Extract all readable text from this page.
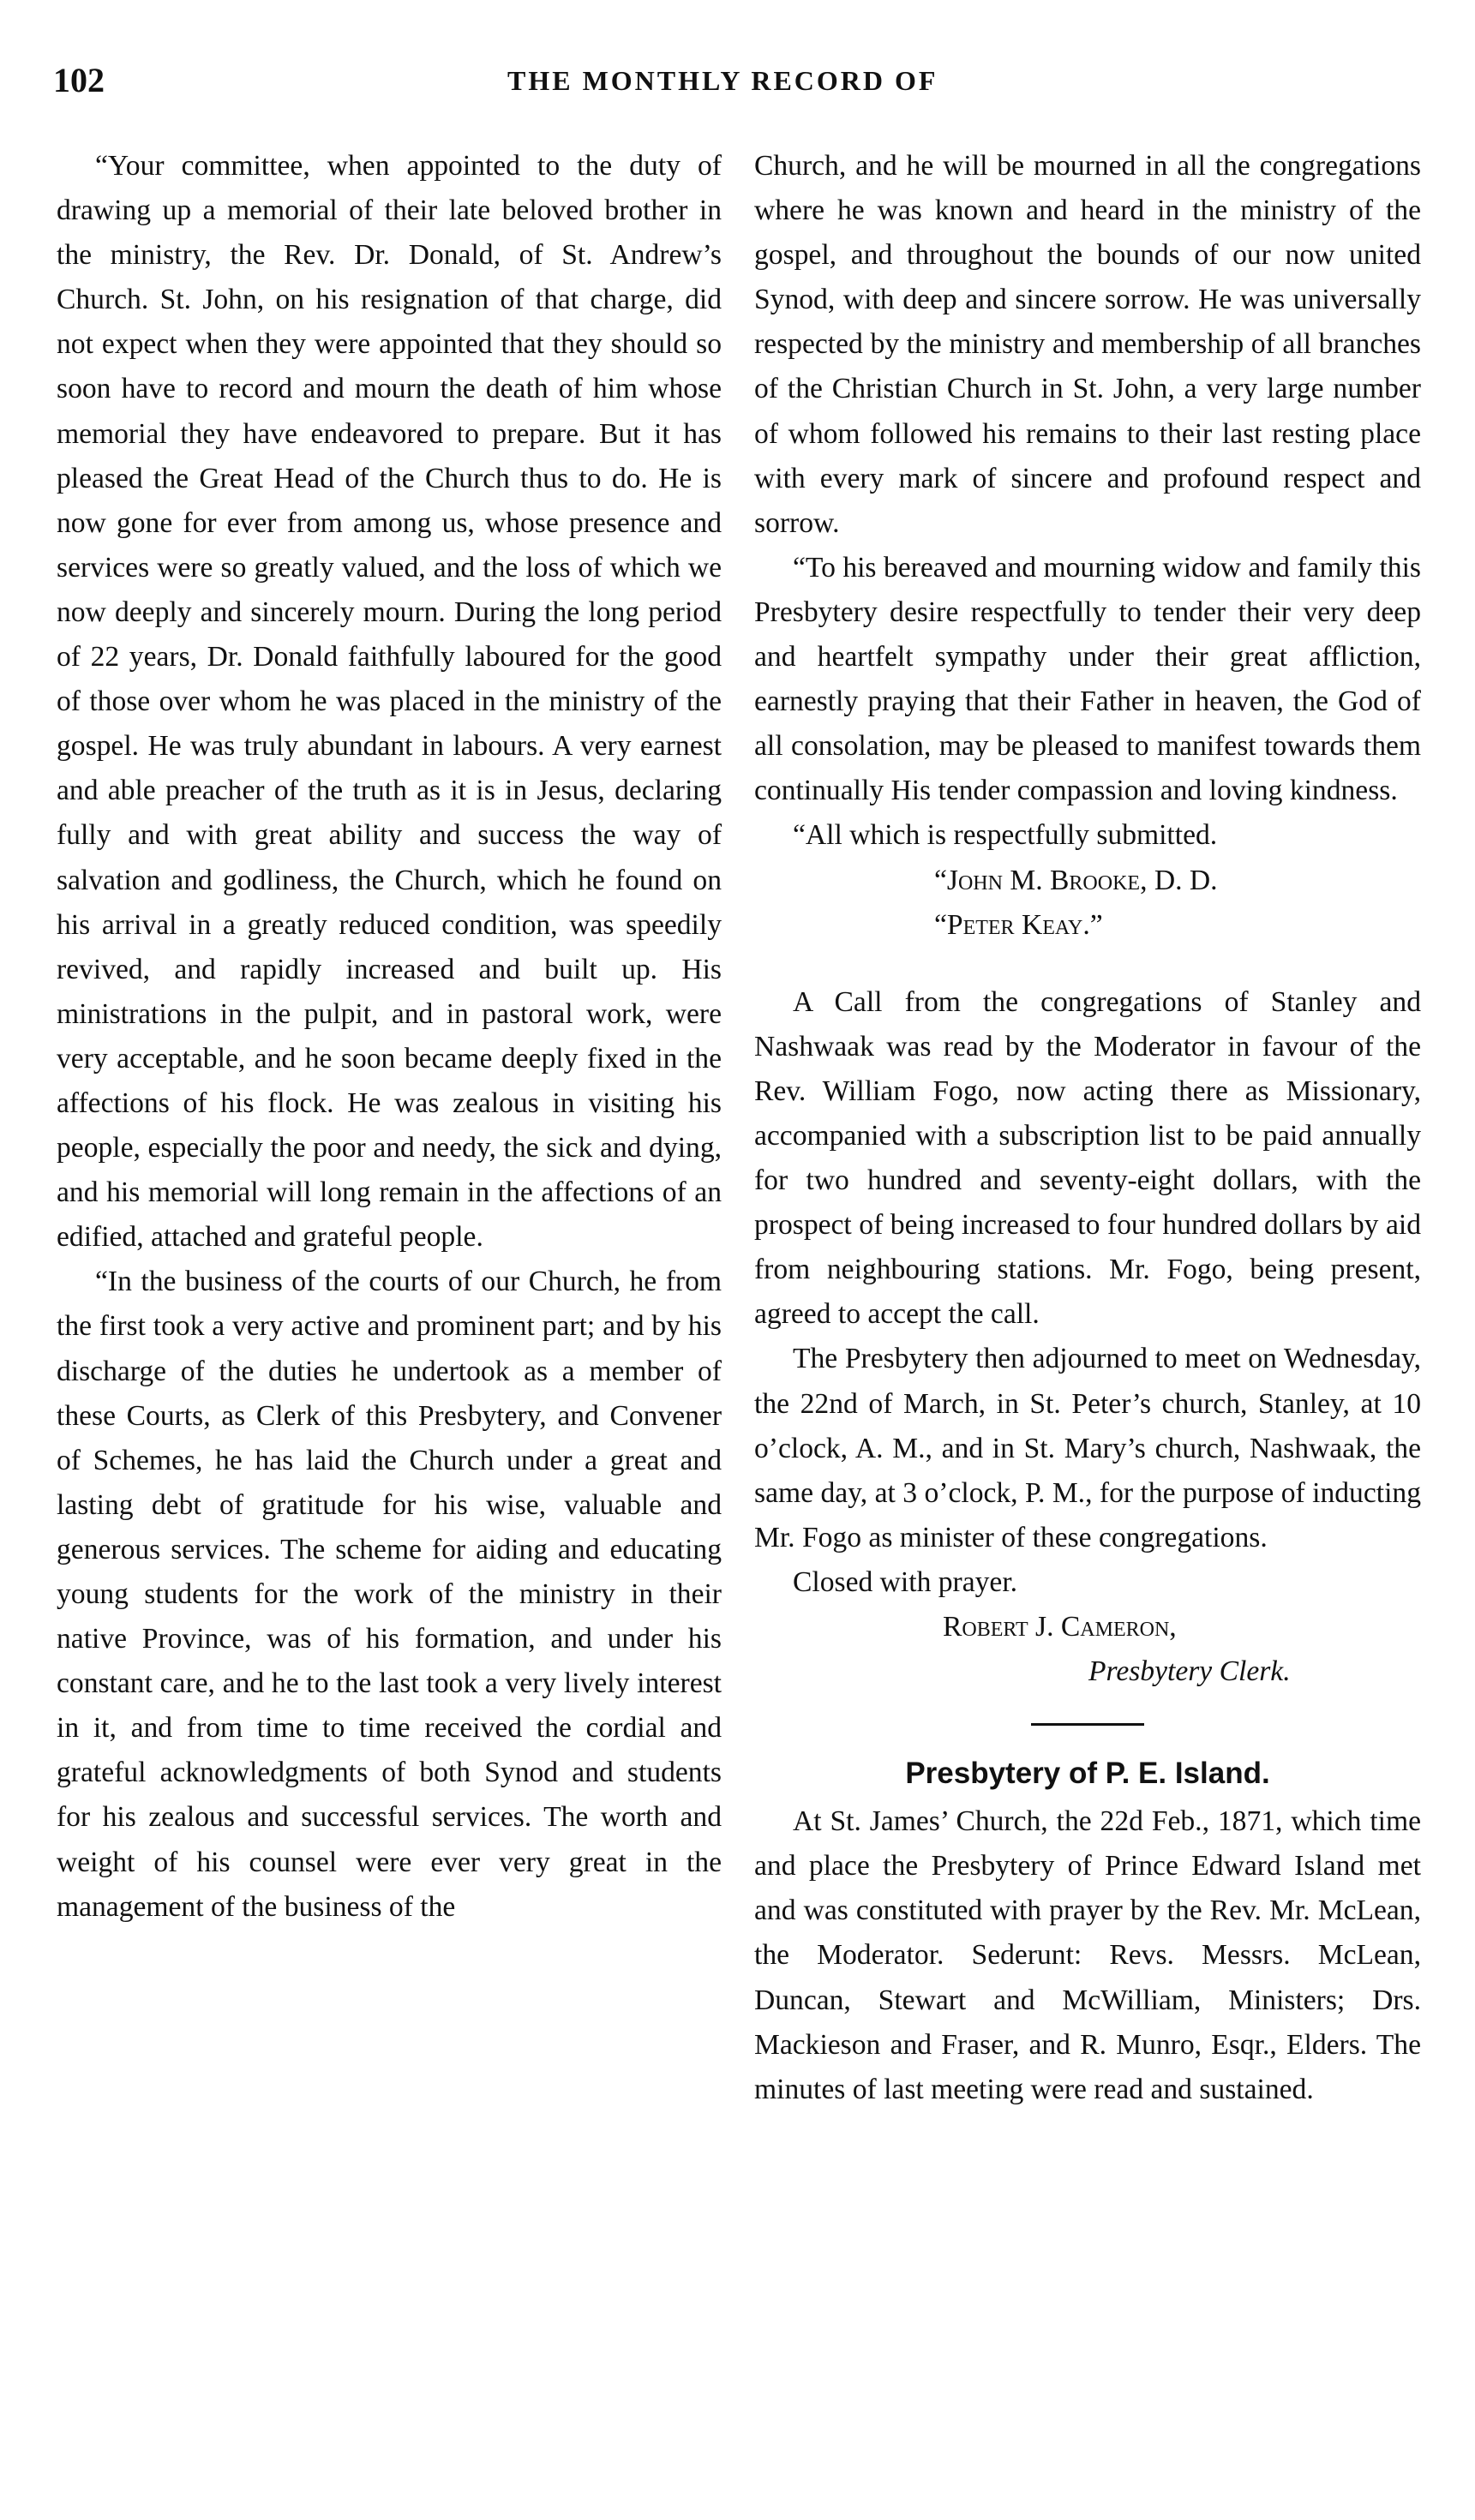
102	THE MONTHLY RECORD OF

“Your committee, when appointed to the duty of drawing up a memorial of their late beloved brother in the ministry, the Rev. Dr. Donald, of St. Andrew’s Church. St. John, on his resignation of that charge, did not expect when they were appointed that they should so soon have to record and mourn the death of him whose memorial they have endeavored to prepare. But it has pleased the Great Head of the Church thus to do. He is now gone for ever from among us, whose presence and services were so greatly valued, and the loss of which we now deeply and sincerely mourn. During the long period of 22 years, Dr. Donald faithfully laboured for the good of those over whom he was placed in the ministry of the gospel. He was truly abundant in labours. A very earnest and able preacher of the truth as it is in Jesus, declaring fully and with great ability and success the way of salvation and godliness, the Church, which he found on his arrival in a greatly reduced condition, was speedily revived, and rapidly increased and built up. His ministrations in the pulpit, and in pastoral work, were very acceptable, and he soon became deeply fixed in the affections of his flock. He was zealous in visiting his people, especially the poor and needy, the sick and dying, and his memorial will long remain in the affections of an edified, attached and grateful people.

“In the business of the courts of our Church, he from the first took a very active and prominent part; and by his discharge of the duties he undertook as a member of these Courts, as Clerk of this Presbytery, and Convener of Schemes, he has laid the Church under a great and lasting debt of gratitude for his wise, valuable and generous services. The scheme for aiding and educating young students for the work of the ministry in their native Province, was of his formation, and under his constant care, and he to the last took a very lively interest in it, and from time to time received the cordial and grateful acknowledgments of both Synod and students for his zealous and successful services. The worth and weight of his counsel were ever very great in the management of the business of the

Church, and he will be mourned in all the congregations where he was known and heard in the ministry of the gospel, and throughout the bounds of our now united Synod, with deep and sincere sorrow. He was universally respected by the ministry and membership of all branches of the Christian Church in St. John, a very large number of whom followed his remains to their last resting place with every mark of sincere and profound respect and sorrow.

“To his bereaved and mourning widow and family this Presbytery desire respectfully to tender their very deep and heartfelt sympathy under their great affliction, earnestly praying that their Father in heaven, the God of all consolation, may be pleased to manifest towards them continually His tender compassion and loving kindness.

“All which is respectfully submitted.

“John M. Brooke, D. D.

“Peter Keay.”

A Call from the congregations of Stanley and Nashwaak was read by the Moderator in favour of the Rev. William Fogo, now acting there as Missionary, accompanied with a subscription list to be paid annually for two hundred and seventy-eight dollars, with the prospect of being increased to four hundred dollars by aid from neighbouring stations. Mr. Fogo, being present, agreed to accept the call.

The Presbytery then adjourned to meet on Wednesday, the 22nd of March, in St. Peter’s church, Stanley, at 10 o’clock, A. M., and in St. Mary’s church, Nashwaak, the same day, at 3 o’clock, P. M., for the purpose of inducting Mr. Fogo as minister of these congregations.

Closed with prayer.

Robert J. Cameron,

Presbytery Clerk.

Presbytery of P. E. Island.

At St. James’ Church, the 22d Feb., 1871, which time and place the Presbytery of Prince Edward Island met and was constituted with prayer by the Rev. Mr. McLean, the Moderator. Sederunt: Revs. Messrs. McLean, Duncan, Stewart and McWilliam, Ministers; Drs. Mackieson and Fraser, and R. Munro, Esqr., Elders. The minutes of last meeting were read and sustained.
